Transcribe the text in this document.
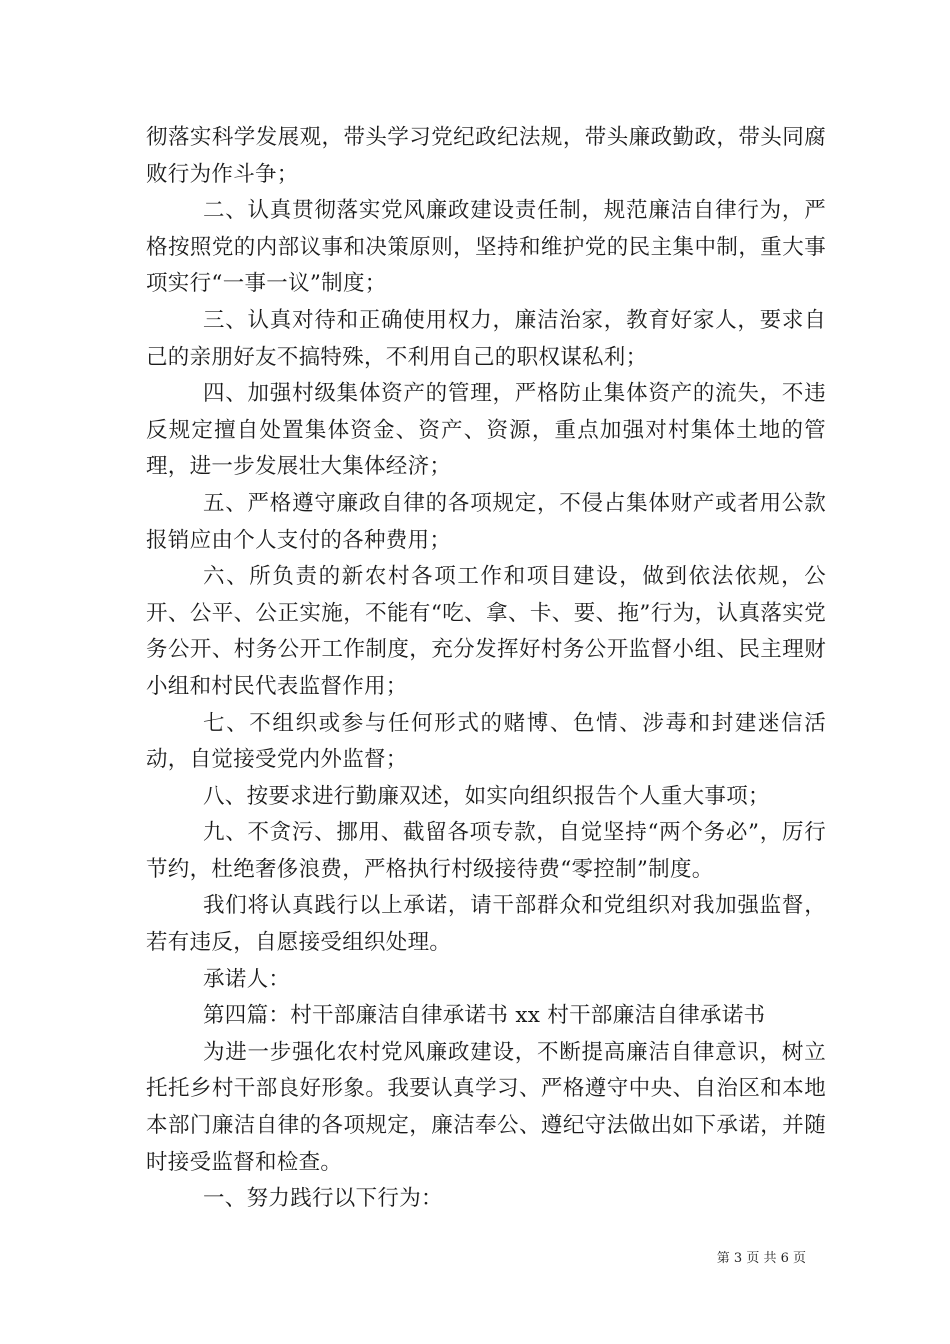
彻落实科学发展观，带头学习党纪政纪法规，带头廉政勤政，带头同腐败行为作斗争；

二、认真贯彻落实党风廉政建设责任制，规范廉洁自律行为，严格按照党的内部议事和决策原则，坚持和维护党的民主集中制，重大事项实行“一事一议”制度；

三、认真对待和正确使用权力，廉洁治家，教育好家人，要求自己的亲朋好友不搞特殊，不利用自己的职权谋私利；

四、加强村级集体资产的管理，严格防止集体资产的流失，不违反规定擅自处置集体资金、资产、资源，重点加强对村集体土地的管理，进一步发展壮大集体经济；

五、严格遵守廉政自律的各项规定，不侵占集体财产或者用公款报销应由个人支付的各种费用；

六、所负责的新农村各项工作和项目建设，做到依法依规，公开、公平、公正实施，不能有“吃、拿、卡、要、拖”行为，认真落实党务公开、村务公开工作制度，充分发挥好村务公开监督小组、民主理财小组和村民代表监督作用；

七、不组织或参与任何形式的赌博、色情、涉毒和封建迷信活动，自觉接受党内外监督；

八、按要求进行勤廉双述，如实向组织报告个人重大事项；

九、不贪污、挪用、截留各项专款，自觉坚持“两个务必”，厉行节约，杜绝奢侈浪费，严格执行村级接待费“零控制”制度。

我们将认真践行以上承诺，请干部群众和党组织对我加强监督，若有违反，自愿接受组织处理。

承诺人：

第四篇：村干部廉洁自律承诺书 xx 村干部廉洁自律承诺书

为进一步强化农村党风廉政建设，不断提高廉洁自律意识，树立托托乡村干部良好形象。我要认真学习、严格遵守中央、自治区和本地本部门廉洁自律的各项规定，廉洁奉公、遵纪守法做出如下承诺，并随时接受监督和检查。

一、努力践行以下行为：

第 3 页 共 6 页
